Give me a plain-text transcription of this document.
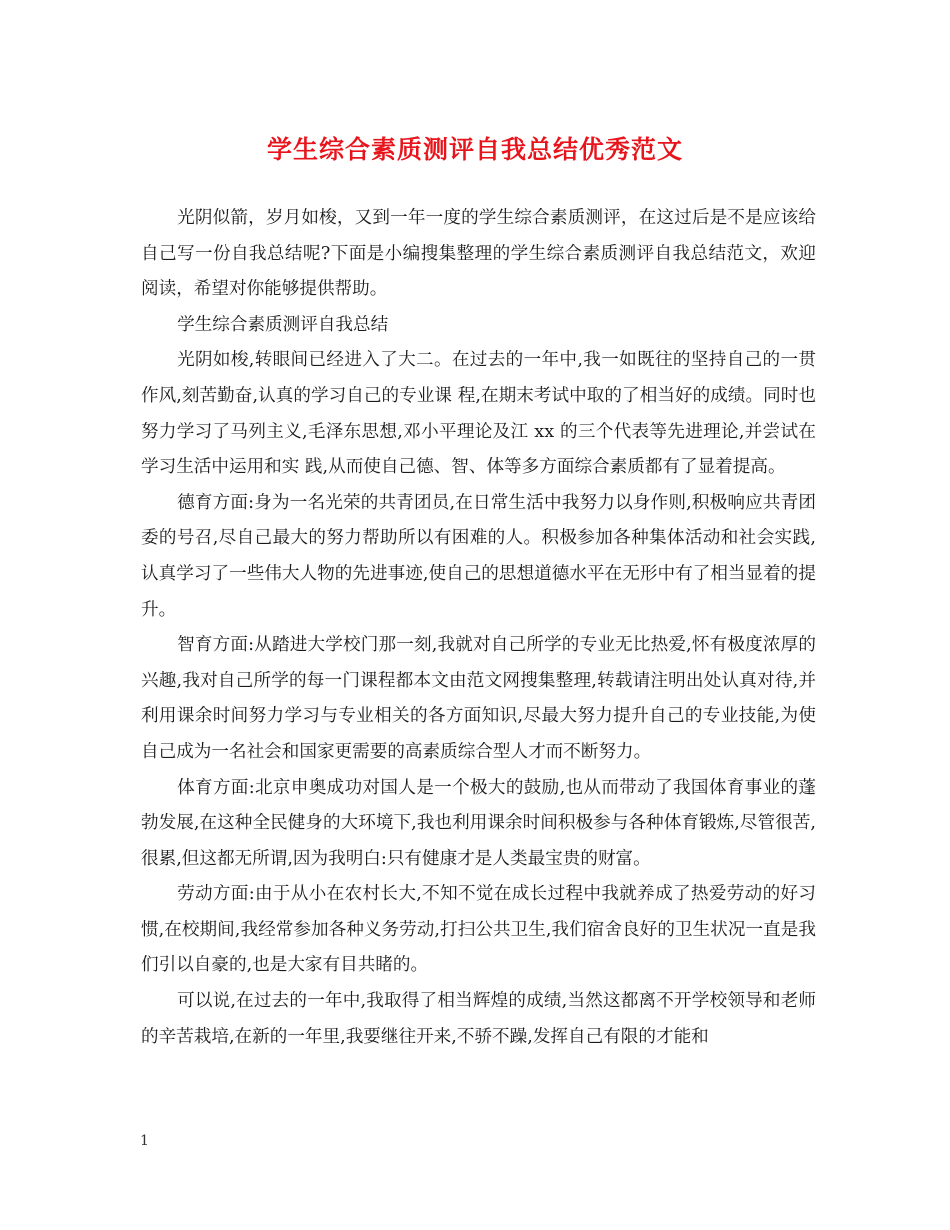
学生综合素质测评自我总结优秀范文

光阴似箭，岁月如梭，又到一年一度的学生综合素质测评，在这过后是不是应该给自己写一份自我总结呢?下面是小编搜集整理的学生综合素质测评自我总结范文，欢迎阅读，希望对你能够提供帮助。

学生综合素质测评自我总结

光阴如梭,转眼间已经进入了大二。在过去的一年中,我一如既往的坚持自己的一贯作风,刻苦勤奋,认真的学习自己的专业课 程,在期末考试中取的了相当好的成绩。同时也努力学习了马列主义,毛泽东思想,邓小平理论及江 xx 的三个代表等先进理论,并尝试在学习生活中运用和实 践,从而使自己德、智、体等多方面综合素质都有了显着提高。

德育方面:身为一名光荣的共青团员,在日常生活中我努力以身作则,积极响应共青团委的号召,尽自己最大的努力帮助所以有困难的人。积极参加各种集体活动和社会实践,认真学习了一些伟大人物的先进事迹,使自己的思想道德水平在无形中有了相当显着的提升。

智育方面:从踏进大学校门那一刻,我就对自己所学的专业无比热爱,怀有极度浓厚的兴趣,我对自己所学的每一门课程都本文由范文网搜集整理,转载请注明出处认真对待,并利用课余时间努力学习与专业相关的各方面知识,尽最大努力提升自己的专业技能,为使自己成为一名社会和国家更需要的高素质综合型人才而不断努力。

体育方面:北京申奥成功对国人是一个极大的鼓励,也从而带动了我国体育事业的蓬勃发展,在这种全民健身的大环境下,我也利用课余时间积极参与各种体育锻炼,尽管很苦,很累,但这都无所谓,因为我明白:只有健康才是人类最宝贵的财富。

劳动方面:由于从小在农村长大,不知不觉在成长过程中我就养成了热爱劳动的好习惯,在校期间,我经常参加各种义务劳动,打扫公共卫生,我们宿舍良好的卫生状况一直是我们引以自豪的,也是大家有目共睹的。

可以说,在过去的一年中,我取得了相当辉煌的成绩,当然这都离不开学校领导和老师的辛苦栽培,在新的一年里,我要继往开来,不骄不躁,发挥自己有限的才能和

1
